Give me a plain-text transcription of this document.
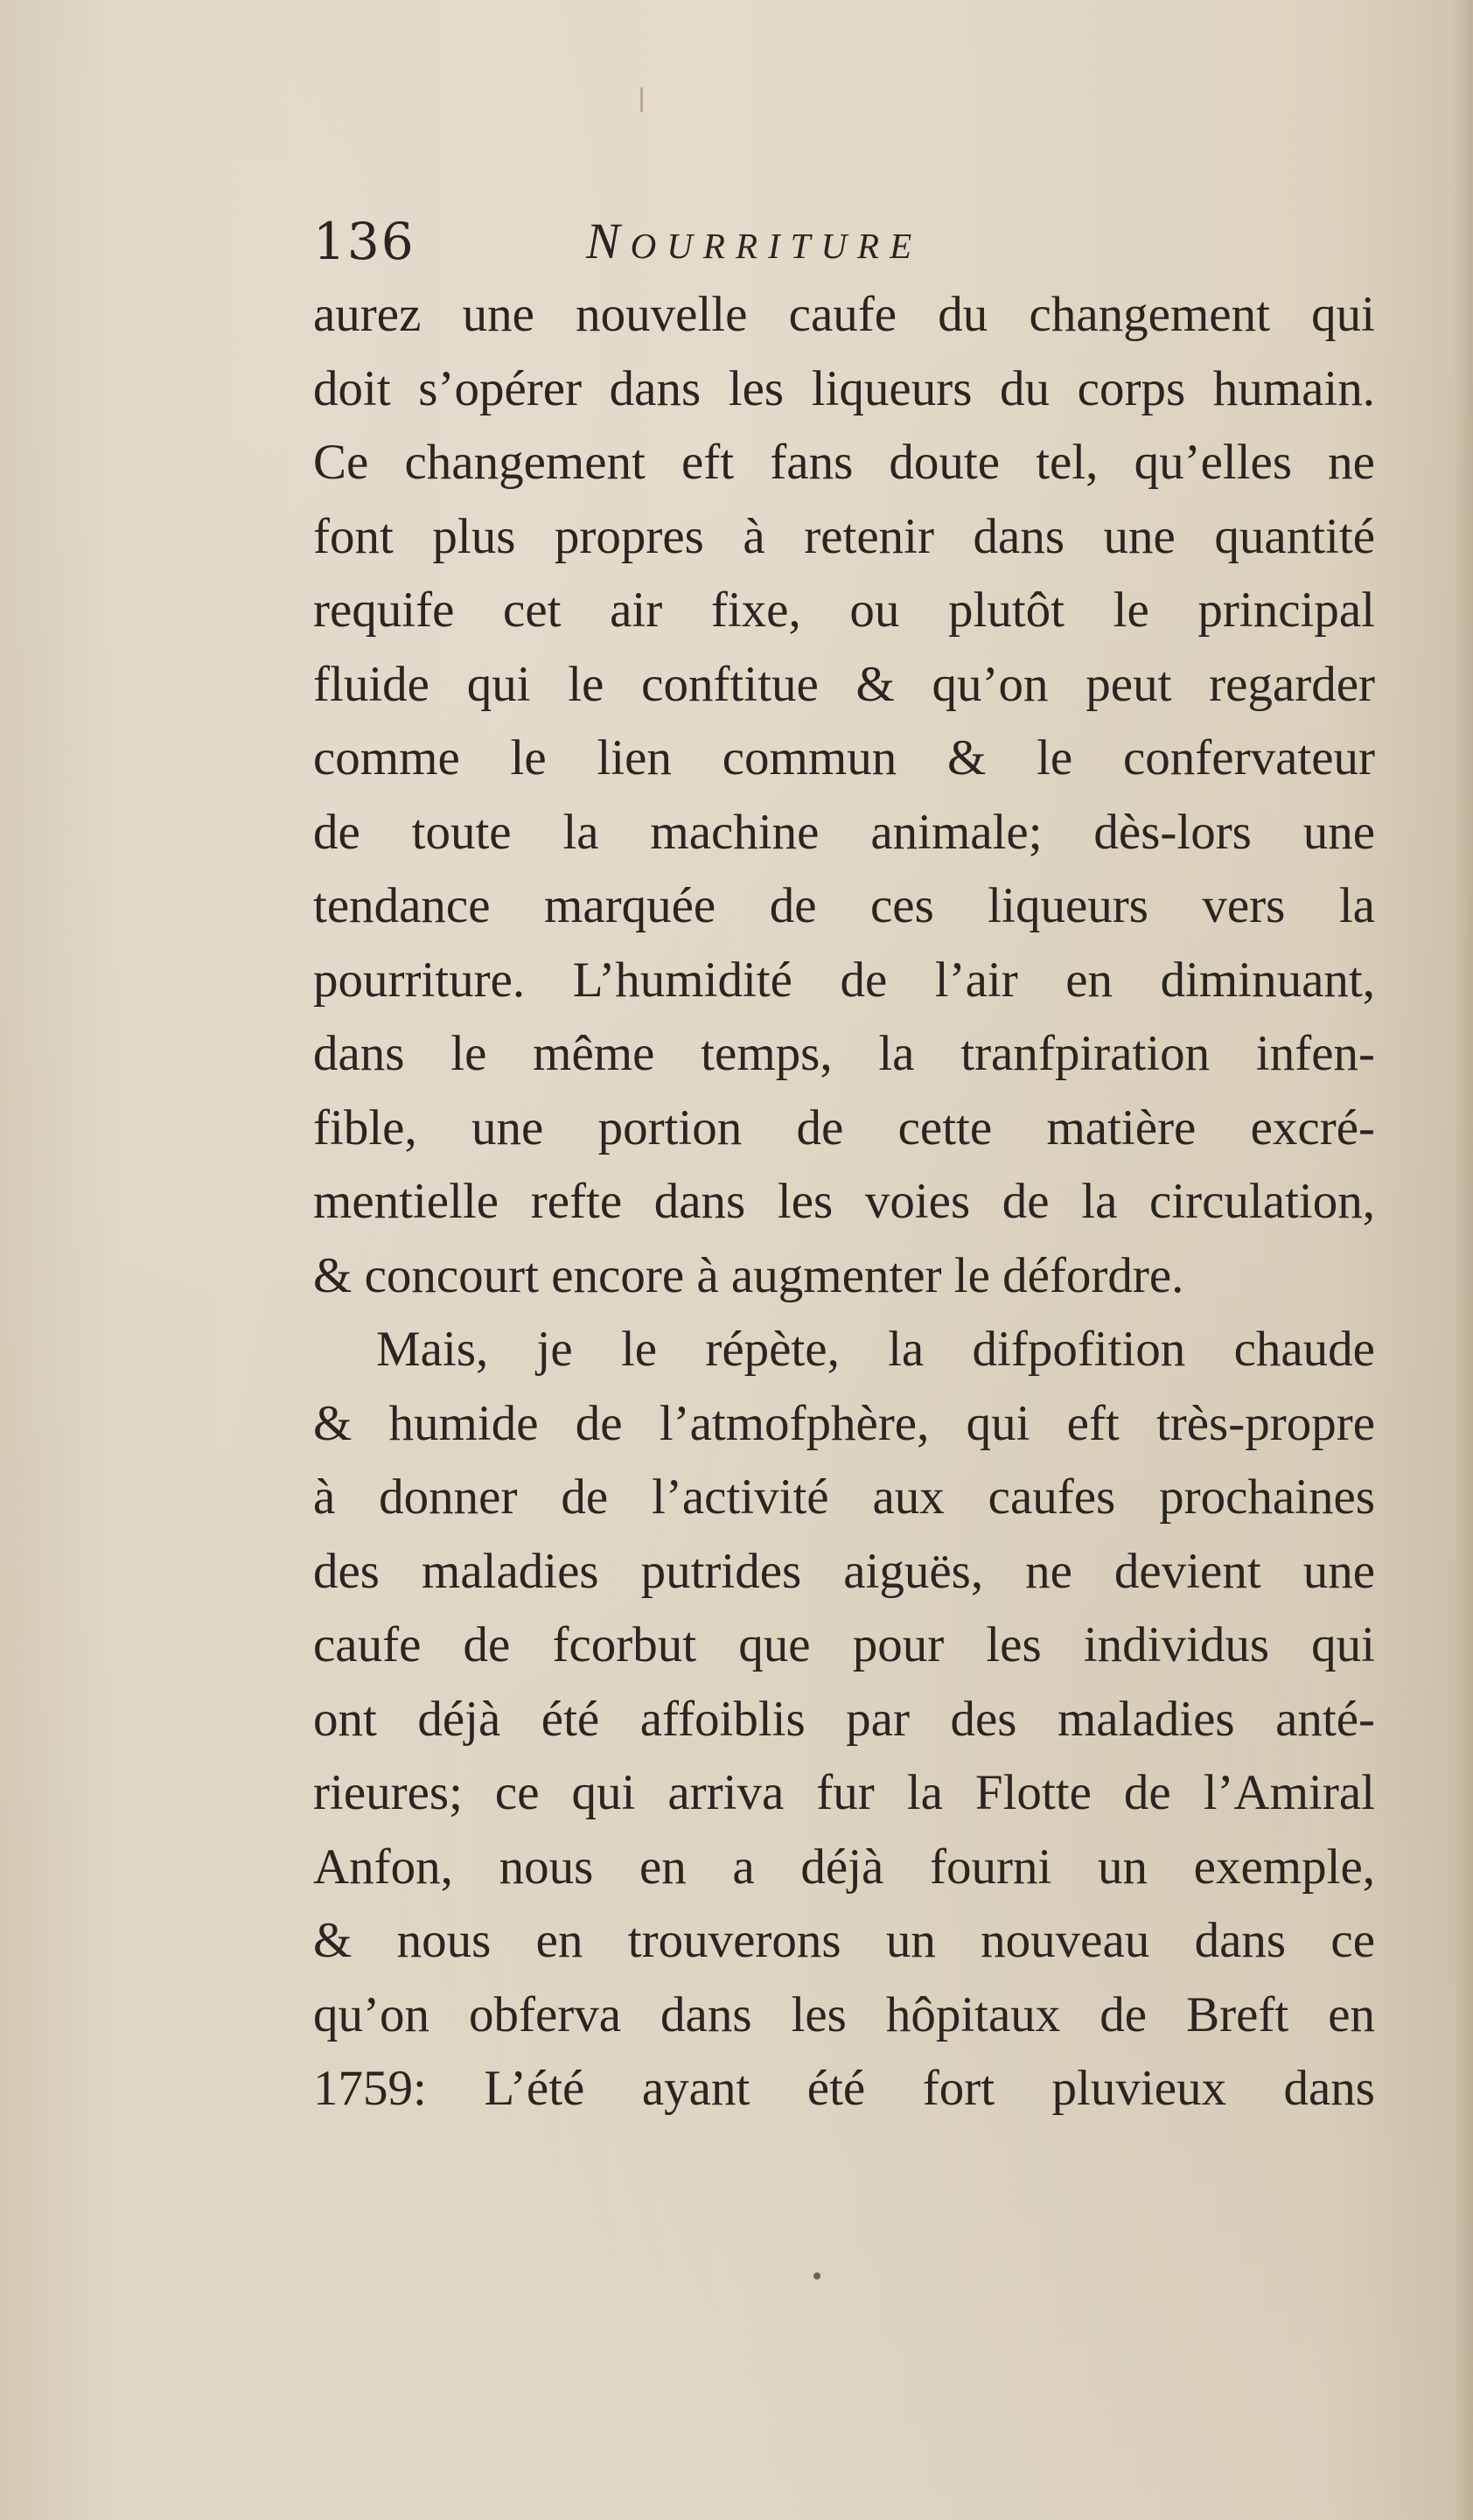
136	Nourriture
aurez une nouvelle caufe du changement qui
doit s’opérer dans les liqueurs du corps humain.
Ce changement eft fans doute tel, qu’elles ne
font plus propres à retenir dans une quantité
requife cet air fixe, ou plutôt le principal
fluide qui le conftitue & qu’on peut regarder
comme le lien commun & le confervateur
de toute la machine animale; dès-lors une
tendance marquée de ces liqueurs vers la
pourriture. L’humidité de l’air en diminuant,
dans le même temps, la tranfpiration infen-
fible, une portion de cette matière excré-
mentielle refte dans les voies de la circulation,
& concourt encore à augmenter le défordre.
Mais, je le répète, la difpofition chaude
& humide de l’atmofphère, qui eft très-propre
à donner de l’activité aux caufes prochaines
des maladies putrides aiguës, ne devient une
caufe de fcorbut que pour les individus qui
ont déjà été affoiblis par des maladies anté-
rieures; ce qui arriva fur la Flotte de l’Amiral
Anfon, nous en a déjà fourni un exemple,
& nous en trouverons un nouveau dans ce
qu’on obferva dans les hôpitaux de Breft en
1759: L’été ayant été fort pluvieux dans
